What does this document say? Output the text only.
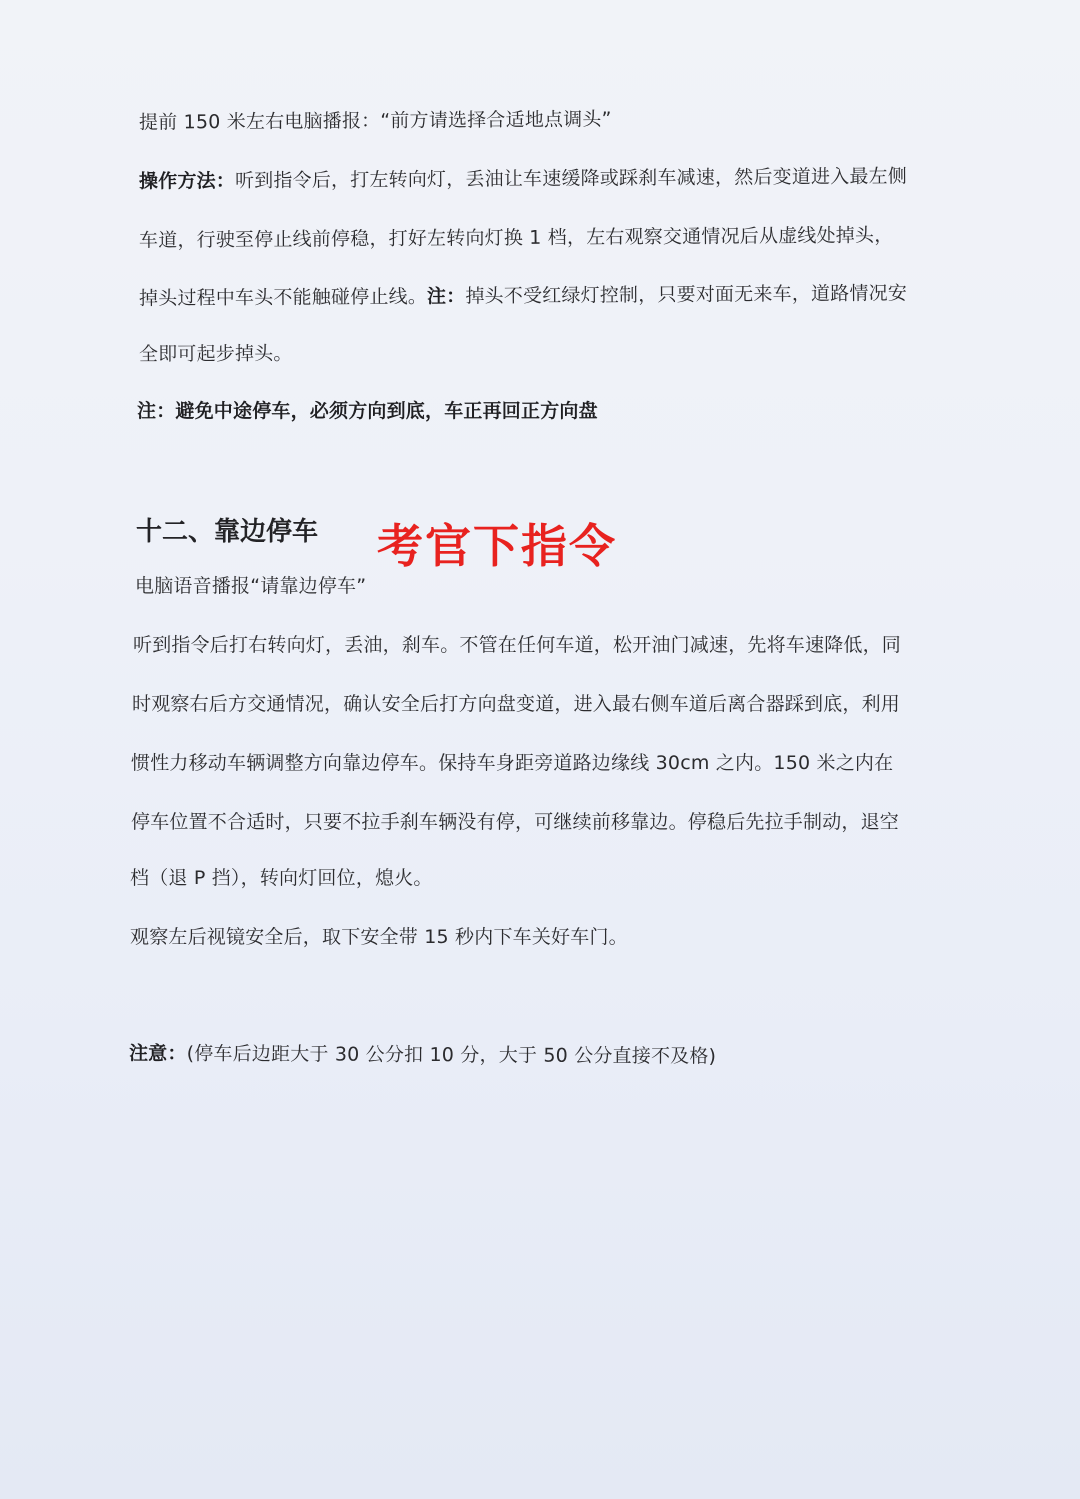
提前 150 米左右电脑播报：“前方请选择合适地点调头”
操作方法：听到指令后，打左转向灯，丢油让车速缓降或踩刹车减速，然后变道进入最左侧
车道，行驶至停止线前停稳，打好左转向灯换 1 档，左右观察交通情况后从虚线处掉头，
掉头过程中车头不能触碰停止线。注：掉头不受红绿灯控制，只要对面无来车，道路情况安
全即可起步掉头。
注：避免中途停车，必须方向到底，车正再回正方向盘
十二、靠边停车 考官下指令
电脑语音播报“请靠边停车”
听到指令后打右转向灯，丢油，刹车。不管在任何车道，松开油门减速，先将车速降低，同
时观察右后方交通情况，确认安全后打方向盘变道，进入最右侧车道后离合器踩到底，利用
惯性力移动车辆调整方向靠边停车。保持车身距旁道路边缘线 30cm 之内。150 米之内在
停车位置不合适时，只要不拉手刹车辆没有停，可继续前移靠边。停稳后先拉手制动，退空
档（退 P 挡），转向灯回位，熄火。
观察左后视镜安全后，取下安全带 15 秒内下车关好车门。
注意：(停车后边距大于 30 公分扣 10 分，大于 50 公分直接不及格)
